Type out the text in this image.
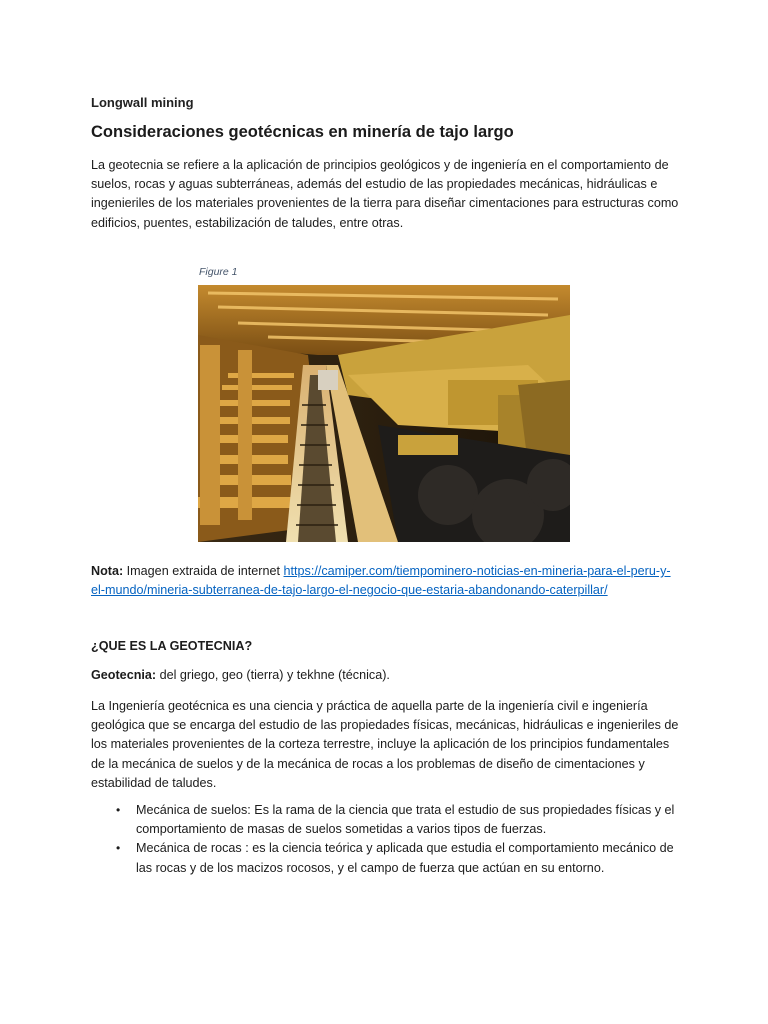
Longwall mining
Consideraciones geotécnicas en minería de tajo largo
La geotecnia se refiere a la aplicación de principios geológicos y de ingeniería en el comportamiento de suelos, rocas y aguas subterráneas, además del estudio de las propiedades mecánicas, hidráulicas e ingenieriles de los materiales provenientes de la tierra para diseñar cimentaciones para estructuras como edificios, puentes, estabilización de taludes, entre otras.
Figure 1
Nota: Imagen extraida de internet https://camiper.com/tiempominero-noticias-en-mineria-para-el-peru-y-el-mundo/mineria-subterranea-de-tajo-largo-el-negocio-que-estaria-abandonando-caterpillar/
¿QUE ES LA GEOTECNIA?
Geotecnia: del griego, geo (tierra) y tekhne (técnica).
La Ingeniería geotécnica es una ciencia y práctica de aquella parte de la ingeniería civil e ingeniería geológica que se encarga del estudio de las propiedades físicas, mecánicas, hidráulicas e ingenieriles de los materiales provenientes de la corteza terrestre, incluye la aplicación de los principios fundamentales de la mecánica de suelos y de la mecánica de rocas a los problemas de diseño de cimentaciones y estabilidad de taludes.
• Mecánica de suelos: Es la rama de la ciencia que trata el estudio de sus propiedades físicas y el comportamiento de masas de suelos sometidas a varios tipos de fuerzas.
• Mecánica de rocas : es la ciencia teórica y aplicada que estudia el comportamiento mecánico de las rocas y de los macizos rocosos, y el campo de fuerza que actúan en su entorno.
